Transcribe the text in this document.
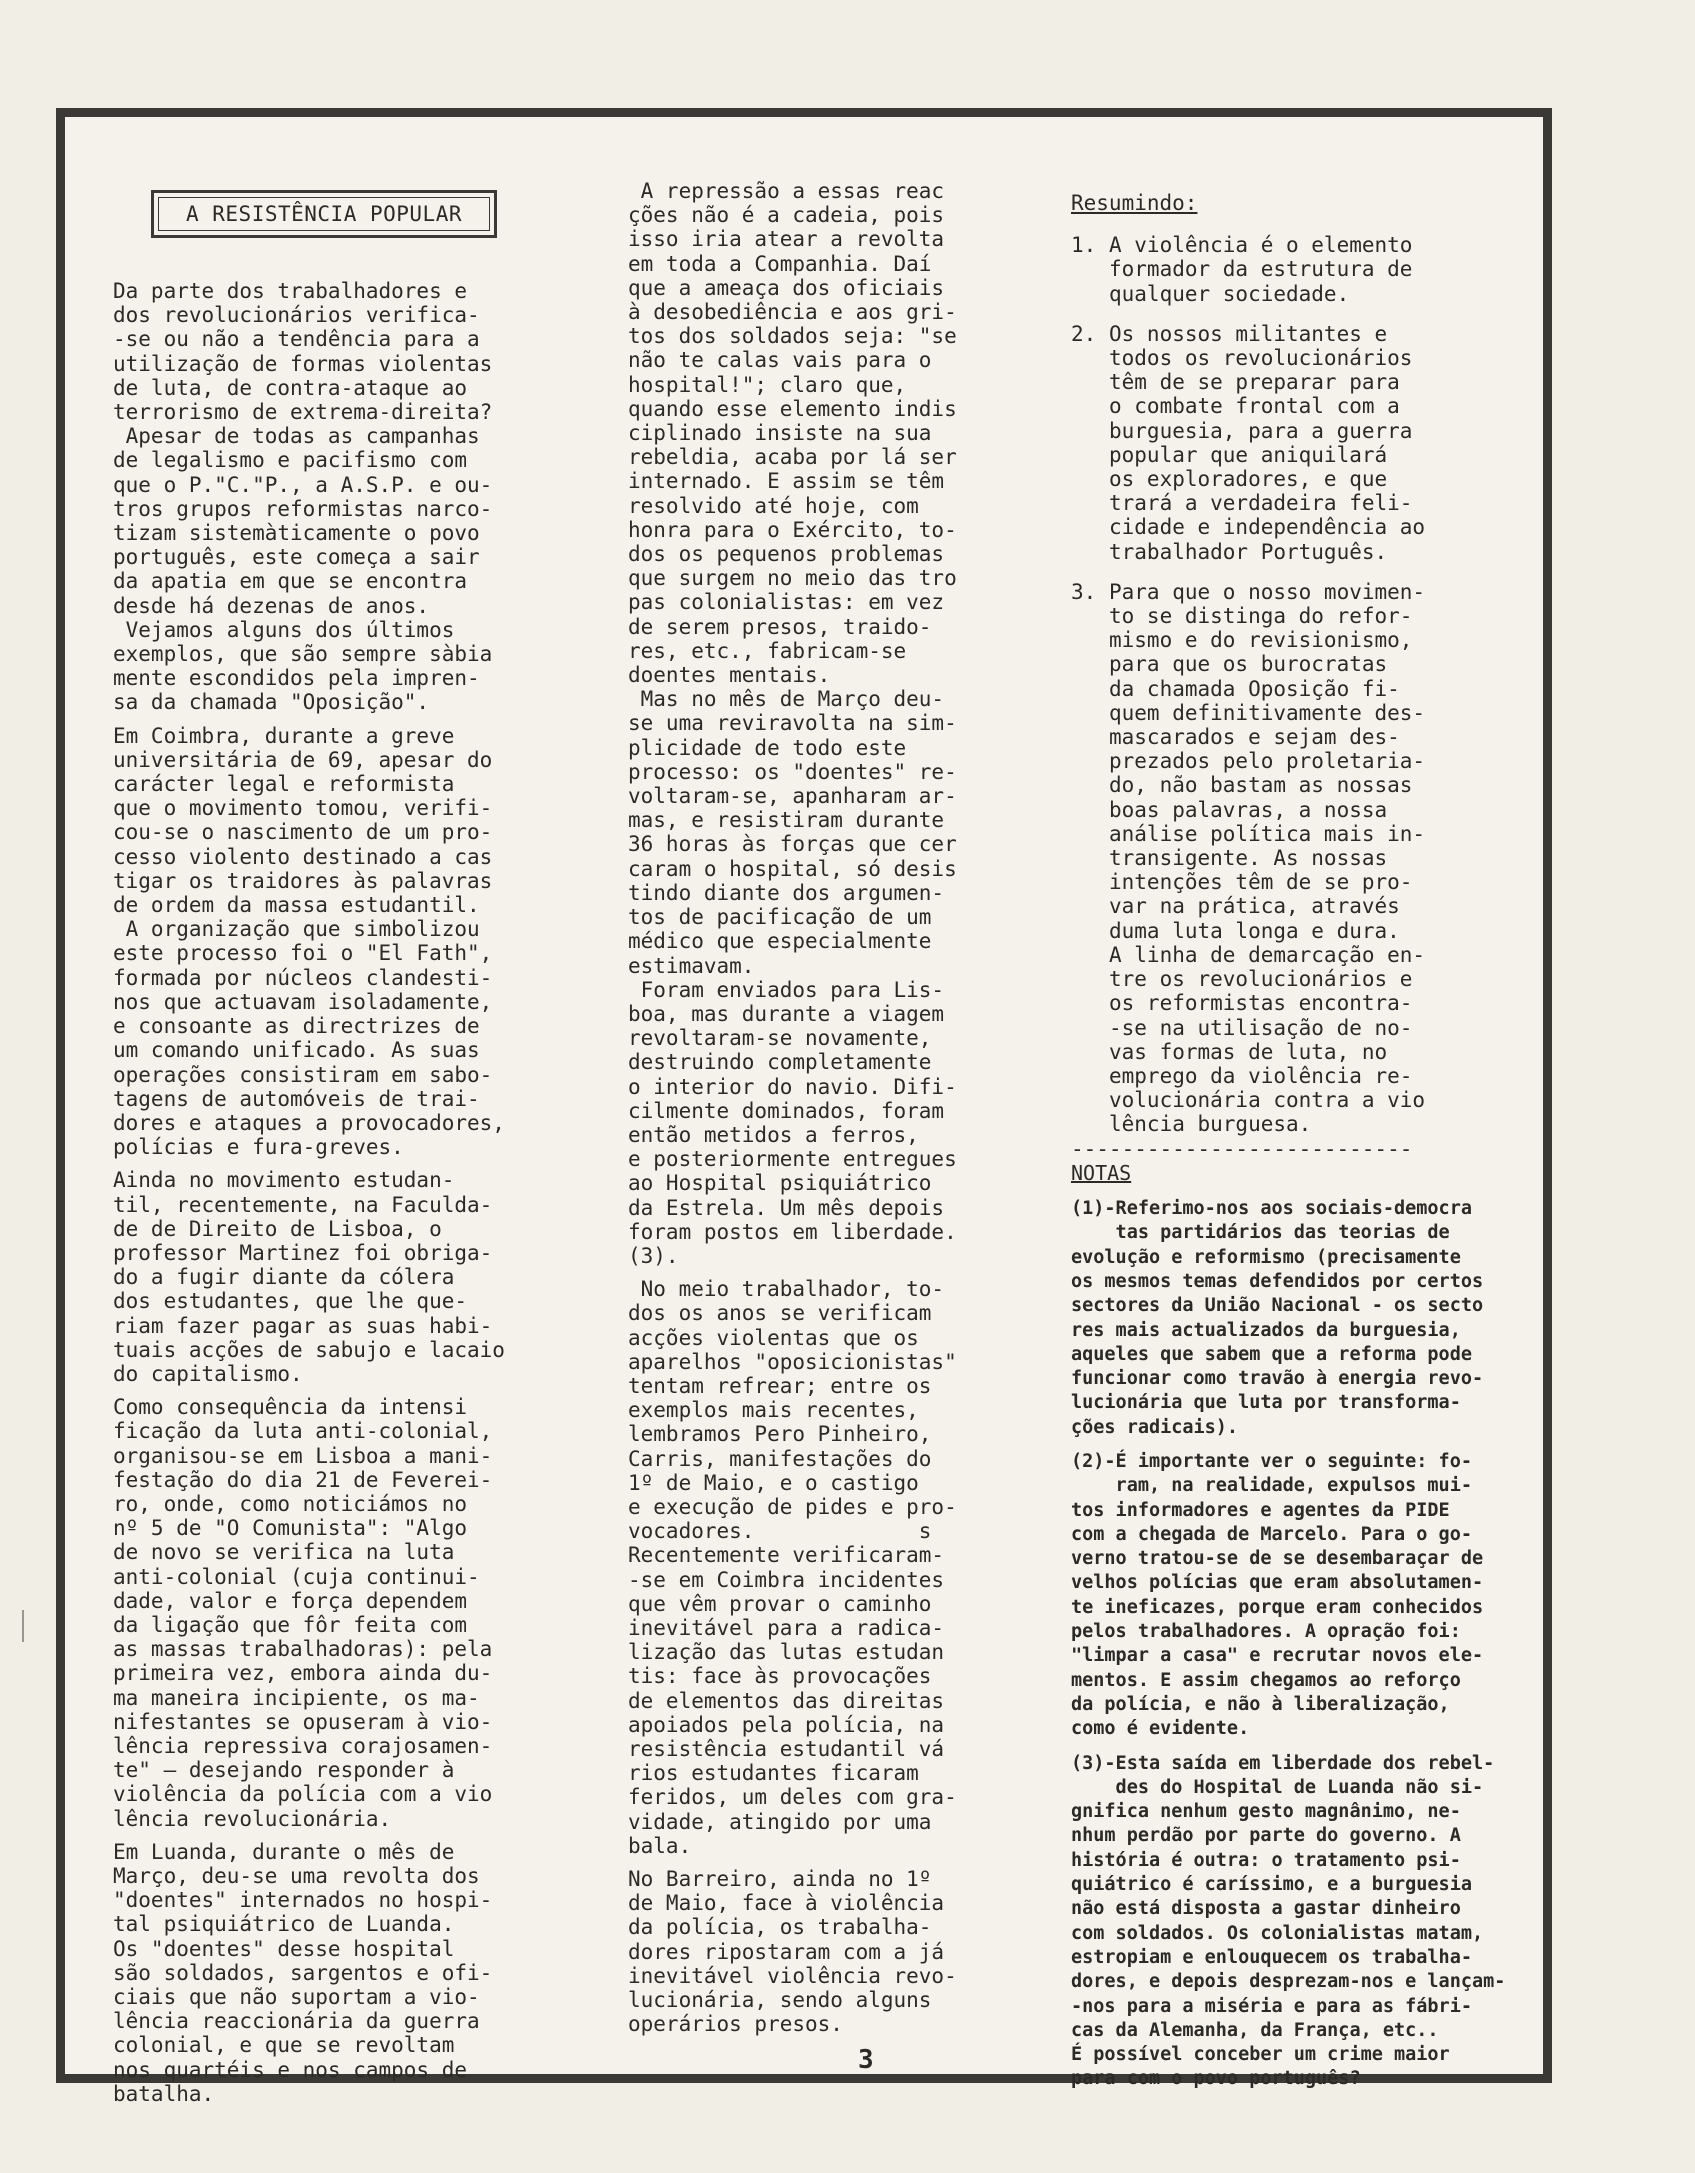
A RESISTÊNCIA POPULAR

Da parte dos trabalhadores e
dos revolucionários verifica-
-se ou não a tendência para a
utilização de formas violentas
de luta, de contra-ataque ao
terrorismo de extrema-direita?
Apesar de todas as campanhas
de legalismo e pacifismo com
que o P."C."P., a A.S.P. e ou-
tros grupos reformistas narco-
tizam sistemàticamente o povo
português, este começa a sair
da apatia em que se encontra
desde há dezenas de anos.
Vejamos alguns dos últimos
exemplos, que são sempre sàbia
mente escondidos pela impren-
sa da chamada "Oposição".

Em Coimbra, durante a greve
universitária de 69, apesar do
carácter legal e reformista
que o movimento tomou, verifi-
cou-se o nascimento de um pro-
cesso violento destinado a cas
tigar os traidores às palavras
de ordem da massa estudantil.
A organização que simbolizou
este processo foi o "El Fath",
formada por núcleos clandesti-
nos que actuavam isoladamente,
e consoante as directrizes de
um comando unificado. As suas
operações consistiram em sabo-
tagens de automóveis de trai-
dores e ataques a provocadores,
polícias e fura-greves.

Ainda no movimento estudan-
til, recentemente, na Faculda-
de de Direito de Lisboa, o
professor Martinez foi obriga-
do a fugir diante da cólera
dos estudantes, que lhe que-
riam fazer pagar as suas habi-
tuais acções de sabujo e lacaio
do capitalismo.

Como consequência da intensi
ficação da luta anti-colonial,
organisou-se em Lisboa a mani-
festação do dia 21 de Feverei-
ro, onde, como noticiámos no
nº 5 de "O Comunista": "Algo
de novo se verifica na luta
anti-colonial (cuja continui-
dade, valor e força dependem
da ligação que fôr feita com
as massas trabalhadoras): pela
primeira vez, embora ainda du-
ma maneira incipiente, os ma-
nifestantes se opuseram à vio-
lência repressiva corajosamen-
te" — desejando responder à
violência da polícia com a vio
lência revolucionária.

Em Luanda, durante o mês de
Março, deu-se uma revolta dos
"doentes" internados no hospi-
tal psiquiátrico de Luanda.
Os "doentes" desse hospital
são soldados, sargentos e ofi-
ciais que não suportam a vio-
lência reaccionária da guerra
colonial, e que se revoltam
nos quartéis e nos campos de
batalha.

A repressão a essas reac
ções não é a cadeia, pois
isso iria atear a revolta
em toda a Companhia. Daí
que a ameaça dos oficiais
à desobediência e aos gri-
tos dos soldados seja: "se
não te calas vais para o
hospital!"; claro que,
quando esse elemento indis
ciplinado insiste na sua
rebeldia, acaba por lá ser
internado. E assim se têm
resolvido até hoje, com
honra para o Exército, to-
dos os pequenos problemas
que surgem no meio das tro
pas colonialistas: em vez
de serem presos, traido-
res, etc., fabricam-se
doentes mentais.
Mas no mês de Março deu-
se uma reviravolta na sim-
plicidade de todo este
processo: os "doentes" re-
voltaram-se, apanharam ar-
mas, e resistiram durante
36 horas às forças que cer
caram o hospital, só desis
tindo diante dos argumen-
tos de pacificação de um
médico que especialmente
estimavam.
Foram enviados para Lis-
boa, mas durante a viagem
revoltaram-se novamente,
destruindo completamente
o interior do navio. Difi-
cilmente dominados, foram
então metidos a ferros,
e posteriormente entregues
ao Hospital psiquiátrico
da Estrela. Um mês depois
foram postos em liberdade.
(3).

No meio trabalhador, to-
dos os anos se verificam
acções violentas que os
aparelhos "oposicionistas"
tentam refrear; entre os
exemplos mais recentes,
lembramos Pero Pinheiro,
Carris, manifestações do
1º de Maio, e o castigo
e execução de pides e pro-
vocadores.             s
Recentemente verificaram-
-se em Coimbra incidentes
que vêm provar o caminho
inevitável para a radica-
lização das lutas estudan
tis: face às provocações
de elementos das direitas
apoiados pela polícia, na
resistência estudantil vá
rios estudantes ficaram
feridos, um deles com gra-
vidade, atingido por uma
bala.

No Barreiro, ainda no 1º
de Maio, face à violência
da polícia, os trabalha-
dores ripostaram com a já
inevitável violência revo-
lucionária, sendo alguns
operários presos.

Resumindo:

1. A violência é o elemento
formador da estrutura de
qualquer sociedade.

2. Os nossos militantes e
todos os revolucionários
têm de se preparar para
o combate frontal com a
burguesia, para a guerra
popular que aniquilará
os exploradores, e que
trará a verdadeira feli-
cidade e independência ao
trabalhador Português.

3. Para que o nosso movimen-
to se distinga do refor-
mismo e do revisionismo,
para que os burocratas
da chamada Oposição fi-
quem definitivamente des-
mascarados e sejam des-
prezados pelo proletaria-
do, não bastam as nossas
boas palavras, a nossa
análise política mais in-
transigente. As nossas
intenções têm de se pro-
var na prática, através
duma luta longa e dura.
A linha de demarcação en-
tre os revolucionários e
os reformistas encontra-
-se na utilisação de no-
vas formas de luta, no
emprego da violência re-
volucionária contra a vio
lência burguesa.

---------------------------

NOTAS

(1)-Referimo-nos aos sociais-democra
tas partidários das teorias de
evolução e reformismo (precisamente
os mesmos temas defendidos por certos
sectores da União Nacional - os secto
res mais actualizados da burguesia,
aqueles que sabem que a reforma pode
funcionar como travão à energia revo-
lucionária que luta por transforma-
ções radicais).

(2)-É importante ver o seguinte: fo-
ram, na realidade, expulsos mui-
tos informadores e agentes da PIDE
com a chegada de Marcelo. Para o go-
verno tratou-se de se desembaraçar de
velhos polícias que eram absolutamen-
te ineficazes, porque eram conhecidos
pelos trabalhadores. A opração foi:
"limpar a casa" e recrutar novos ele-
mentos. E assim chegamos ao reforço
da polícia, e não à liberalização,
como é evidente.

(3)-Esta saída em liberdade dos rebel-
des do Hospital de Luanda não si-
gnifica nenhum gesto magnânimo, ne-
nhum perdão por parte do governo. A
história é outra: o tratamento psi-
quiátrico é caríssimo, e a burguesia
não está disposta a gastar dinheiro
com soldados. Os colonialistas matam,
estropiam e enlouquecem os trabalha-
dores, e depois desprezam-nos e lançam-
-nos para a miséria e para as fábri-
cas da Alemanha, da França, etc..
É possível conceber um crime maior
para com o povo português?

3
